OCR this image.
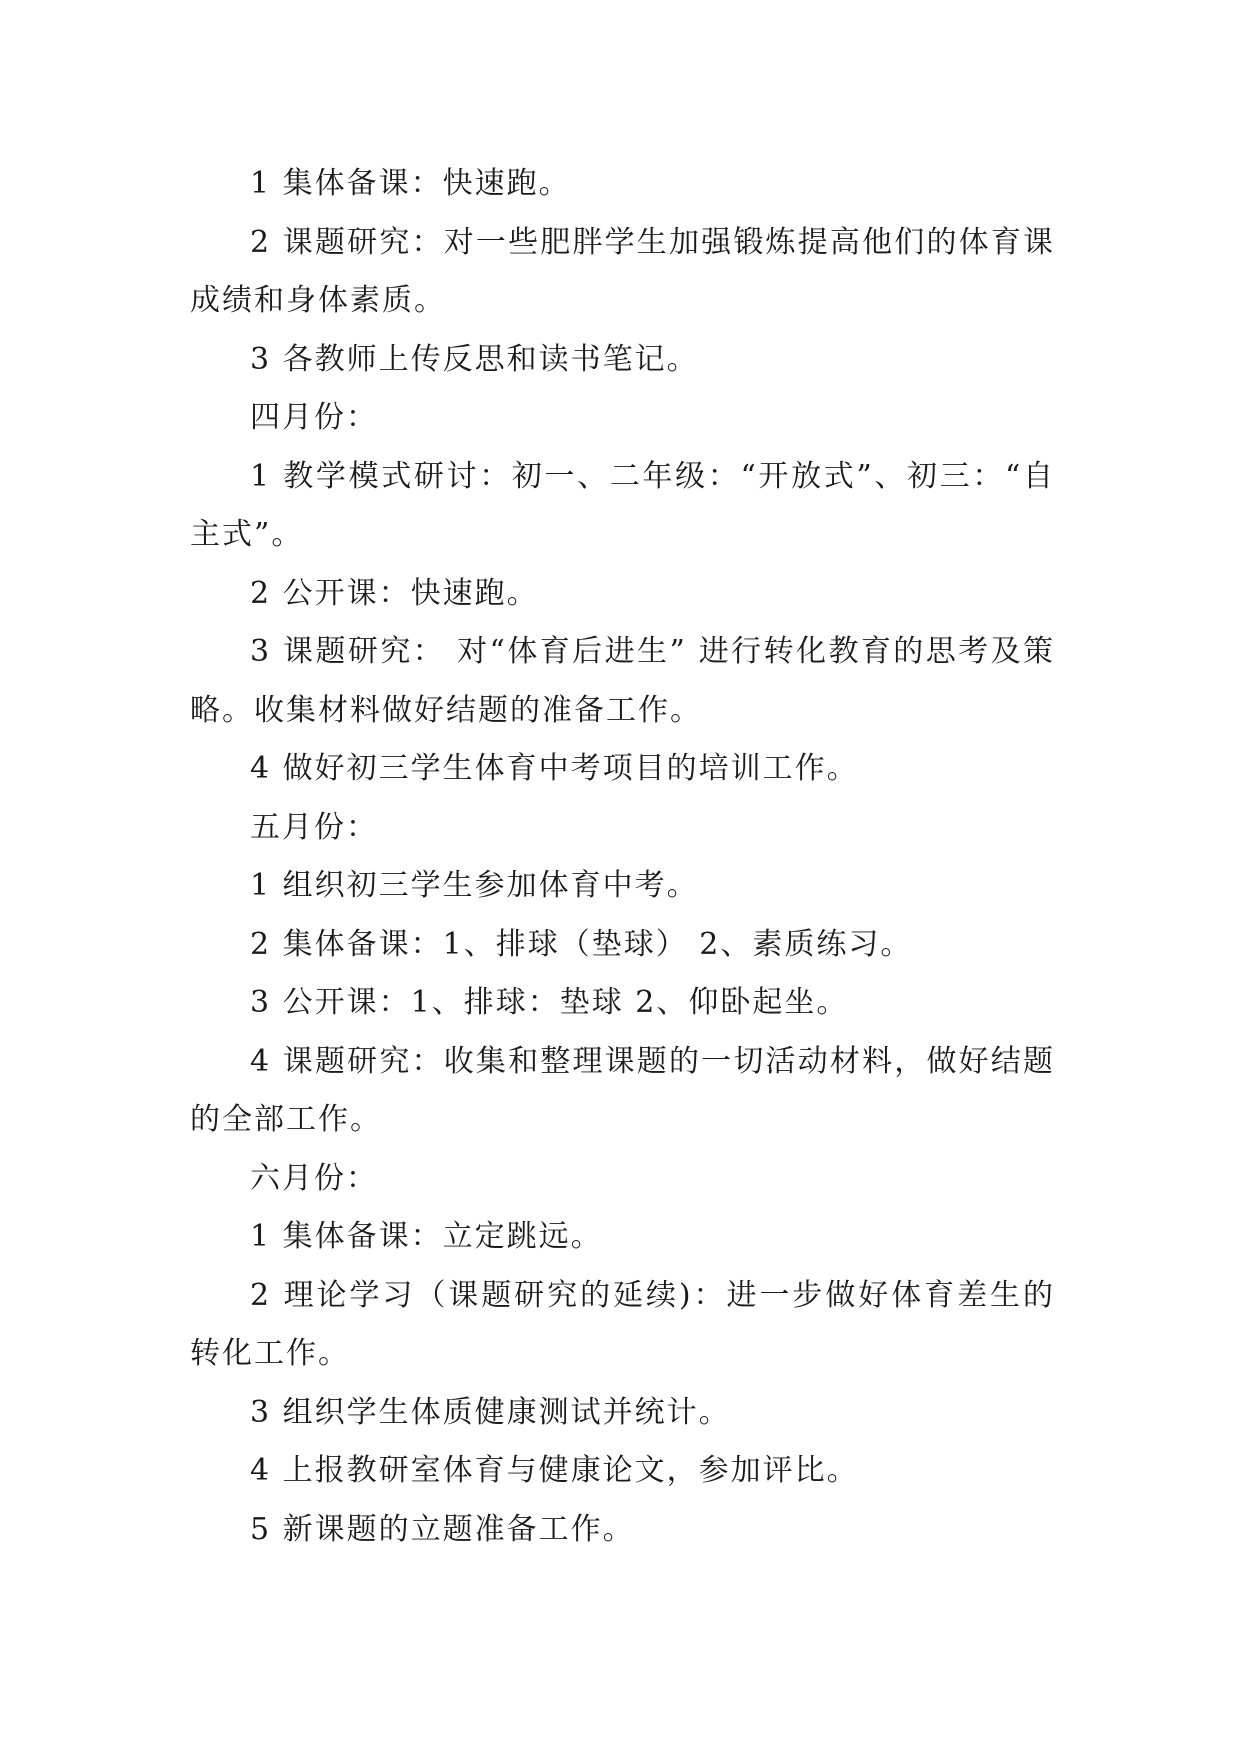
1 集体备课：快速跑。

2 课题研究：对一些肥胖学生加强锻炼提高他们的体育课成绩和身体素质。

3 各教师上传反思和读书笔记。

四月份：

1 教学模式研讨：初一、二年级：“开放式”、初三：“自主式”。

2 公开课：快速跑。

3 课题研究： 对“体育后进生” 进行转化教育的思考及策略。收集材料做好结题的准备工作。

4 做好初三学生体育中考项目的培训工作。

五月份：

1 组织初三学生参加体育中考。

2 集体备课：1、排球（垫球） 2、素质练习。

3 公开课：1、排球：垫球 2、仰卧起坐。

4 课题研究：收集和整理课题的一切活动材料，做好结题的全部工作。

六月份：

1 集体备课：立定跳远。

2 理论学习（课题研究的延续)：进一步做好体育差生的转化工作。

3 组织学生体质健康测试并统计。

4 上报教研室体育与健康论文，参加评比。

5 新课题的立题准备工作。
